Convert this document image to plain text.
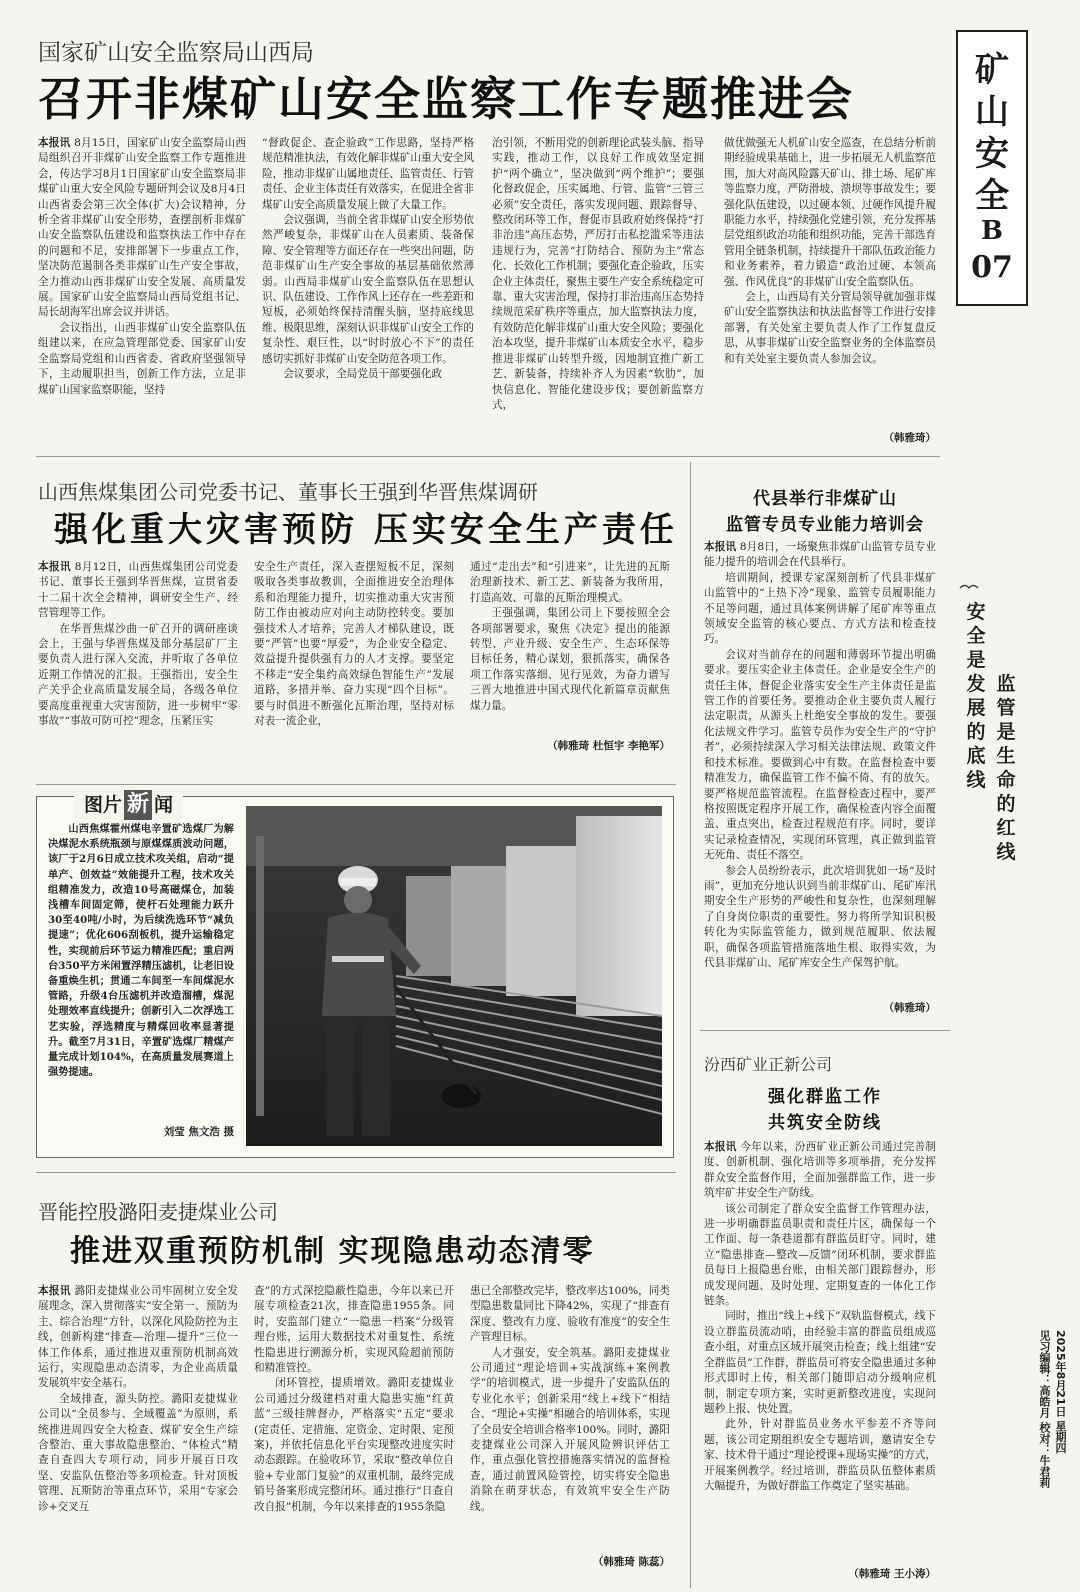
国家矿山安全监察局山西局
召开非煤矿山安全监察工作专题推进会

本报讯 8月15日，国家矿山安全监察局山西局组织召开非煤矿山安全监察工作专题推进会，传达学习8月1日国家矿山安全监察局非煤矿山重大安全风险专题研判会议及8月4日山西省委会第三次全体(扩大)会议精神，分析全省非煤矿山安全形势，查摆剖析非煤矿山安全监察队伍建设和监察执法工作中存在的问题和不足，安排部署下一步重点工作，坚决防范遏制各类非煤矿山生产安全事故，全力推动山西非煤矿山安全发展、高质量发展。国家矿山安全监察局山西局党组书记、局长胡海军出席会议并讲话。

会议指出，山西非煤矿山安全监察队伍组建以来，在应急管理部党委、国家矿山安全监察局党组和山西省委、省政府坚强领导下，主动履职担当，创新工作方法，立足非煤矿山国家监察职能，坚持

“督政促企、查企验政”工作思路，坚持严格规范精准执法，有效化解非煤矿山重大安全风险，推动非煤矿山属地责任、监管责任、行管责任、企业主体责任有效落实，在促进全省非煤矿山安全高质量发展上做了大量工作。

会议强调，当前全省非煤矿山安全形势依然严峻复杂，非煤矿山在人员素质、装备保障、安全管理等方面还存在一些突出问题，防范非煤矿山生产安全事故的基层基础依然薄弱。山西局非煤矿山安全监察队伍在思想认识、队伍建设、工作作风上还存在一些差距和短板，必须始终保持清醒头脑，坚持底线思维、极限思维，深刻认识非煤矿山安全工作的复杂性、艰巨性，以“时时放心不下”的责任感切实抓好非煤矿山安全防范各项工作。

会议要求，全局党员干部要强化政

治引领，不断用党的创新理论武装头脑、指导实践，推动工作，以良好工作成效坚定拥护“两个确立”，坚决做到“两个维护”；要强化督政促企，压实属地、行管、监管“三管三必须”安全责任，落实发现问题、跟踪督导、整改闭环等工作，督促市县政府始终保持“打非治违”高压态势，严厉打击私挖滥采等违法违规行为，完善“打防结合、预防为主”常态化、长效化工作机制；要强化查企验政，压实企业主体责任，聚焦主要生产安全系统稳定可靠、重大灾害治理，保持打非治违高压态势持续规范采矿秩序等重点，加大监察执法力度，有效防范化解非煤矿山重大安全风险；要强化治本攻坚，提升非煤矿山本质安全水平，稳步推进非煤矿山转型升级，因地制宜推广新工艺、新装备，持续补齐人为因素“软肋”，加快信息化、智能化建设步伐；要创新监察方式，

做优做强无人机矿山安全巡查，在总结分析前期经验成果基础上，进一步拓展无人机监察范围，加大对高风险露天矿山、排土场、尾矿库等监察力度，严防滑坡、溃坝等事故发生；要强化队伍建设，以过硬本领、过硬作风提升履职能力水平，持续强化党建引领，充分发挥基层党组织政治功能和组织功能，完善干部选育管用全链条机制，持续提升干部队伍政治能力和业务素养，着力锻造“政治过硬、本领高强、作风优良”的非煤矿山安全监察队伍。

会上，山西局有关分管局领导就加强非煤矿山安全监察执法和执法监督等工作进行安排部署，有关处室主要负责人作了工作复盘反思，从事非煤矿山安全监察业务的全体监察员和有关处室主要负责人参加会议。

（韩雅琦）
矿
山
安
全
B
07
山西焦煤集团公司党委书记、董事长王强到华晋焦煤调研
强化重大灾害预防 压实安全生产责任

本报讯 8月12日，山西焦煤集团公司党委书记、董事长王强到华晋焦煤，宣贯省委十二届十次全会精神，调研安全生产、经营管理等工作。

在华晋焦煤沙曲一矿召开的调研座谈会上，王强与华晋焦煤及部分基层矿厂主要负责人进行深入交流，并听取了各单位近期工作情况的汇报。王强指出，安全生产关乎企业高质量发展全局，各级各单位要高度重视重大灾害预防，进一步树牢“零事故”“事故可防可控”理念，压紧压实

安全生产责任，深入查摆短板不足，深刻吸取各类事故教训，全面推进安全治理体系和治理能力提升，切实推动重大灾害预防工作由被动应对向主动防控转变。要加强技术人才培养，完善人才梯队建设，既要“严管”也要“厚爱”，为企业安全稳定、效益提升提供强有力的人才支撑。要坚定不移走“安全集约高效绿色智能生产”发展道路，多措并举、奋力实现“四个目标”。要与时俱进不断强化瓦斯治理，坚持对标对表一流企业，

通过“走出去”和“引进来”，让先进的瓦斯治理新技术、新工艺、新装备为我所用，打造高效、可靠的瓦斯治理模式。

王强强调，集团公司上下要按照全会各项部署要求，聚焦《决定》提出的能源转型、产业升级、安全生产、生态环保等目标任务，精心谋划，狠抓落实，确保各项工作落实落细、见行见效，为奋力谱写三晋大地推进中国式现代化新篇章贡献焦煤力量。

（韩雅琦 杜恒宇 李艳军）
代县举行非煤矿山
监管专员专业能力培训会

本报讯 8月8日，一场聚焦非煤矿山监管专员专业能力提升的培训会在代县举行。

培训期间，授课专家深刻剖析了代县非煤矿山监管中的“上热下冷”现象、监管专员履职能力不足等问题，通过具体案例讲解了尾矿库等重点领域安全监管的核心要点、方式方法和检查技巧。

会议对当前存在的问题和薄弱环节提出明确要求。要压实企业主体责任。企业是安全生产的责任主体，督促企业落实安全生产主体责任是监管工作的首要任务。要推动企业主要负责人履行法定职责，从源头上杜绝安全事故的发生。要强化法规文件学习。监管专员作为安全生产的“守护者”，必须持续深入学习相关法律法规、政策文件和技术标准。要做到心中有数。在监督检查中要精准发力，确保监管工作不偏不倚、有的放矢。要严格规范监管流程。在监督检查过程中，要严格按照既定程序开展工作，确保检查内容全面覆盖、重点突出，检查过程规范有序。同时，要详实记录检查情况，实现闭环管理，真正做到监管无死角、责任不落空。

参会人员纷纷表示，此次培训犹如一场“及时雨”，更加充分地认识到当前非煤矿山、尾矿库汛期安全生产形势的严峻性和复杂性，也深刻理解了自身岗位职责的重要性。努力将所学知识积极转化为实际监管能力，做到规范履职、依法履职，确保各项监管措施落地生根、取得实效，为代县非煤矿山、尾矿库安全生产保驾护航。

（韩雅琦）
安
全
是
发
展
的
底
线
监
管
是
生
命
的
红
线
图片 新 闻

山西焦煤霍州煤电辛置矿选煤厂为解决煤泥水系统瓶颈与原煤煤质波动问题，该厂于2月6日成立技术攻关组，启动“提单产、创效益”效能提升工程，技术攻关组精准发力，改造10号高磁煤仓，加装浅槽车间固定筛，使杆石处理能力跃升30至40吨/小时，为后续洗选环节“减负提速”；优化606刮板机，提升运输稳定性，实现前后环节运力精准匹配；重启两台350平方米闲置浮精压滤机，让老旧设备重焕生机；贯通二车间至一车间煤泥水管路，升级4台压滤机并改造溜槽，煤泥处理效率直线提升；创新引入二次浮选工艺实验，浮选精度与精煤回收率显著提升。截至7月31日，辛置矿选煤厂精煤产量完成计划104%，在高质量发展赛道上强势提速。

刘莹 焦文浩 摄
汾西矿业正新公司
强化群监工作
共筑安全防线

本报讯 今年以来，汾西矿业正新公司通过完善制度、创新机制、强化培训等多项举措，充分发挥群众安全监督作用，全面加强群监工作，进一步筑牢矿井安全生产防线。

该公司制定了群众安全监督工作管理办法，进一步明确群监员职责和责任片区，确保每一个工作面、每一条巷道都有群监员盯守。同时，建立“隐患排查—整改—反馈”闭环机制，要求群监员每日上报隐患台账，由相关部门跟踪督办，形成发现问题、及时处理、定期复查的一体化工作链条。

同时，推出“线上+线下”双轨监督模式，线下设立群监员流动哨，由经验丰富的群监员组成巡查小组，对重点区域开展突击检查；线上组建“安全群监员”工作群，群监员可将安全隐患通过多种形式即时上传，相关部门随即启动分级响应机制，制定专项方案，实时更新整改进度，实现问题秒上报、快处置。

此外，针对群监员业务水平参差不齐等问题，该公司定期组织安全专题培训，邀请安全专家、技术骨干通过“理论授课+现场实操”的方式，开展案例教学。经过培训，群监员队伍整体素质大幅提升，为做好群监工作奠定了坚实基础。

（韩雅琦 王小涛）
晋能控股潞阳麦捷煤业公司
推进双重预防机制 实现隐患动态清零

本报讯 潞阳麦捷煤业公司牢固树立安全发展理念，深入贯彻落实“安全第一、预防为主、综合治理”方针，以深化风险防控为主线，创新构建“排查—治理—提升”三位一体工作体系，通过推进双重预防机制高效运行，实现隐患动态清零，为企业高质量发展筑牢安全基石。

全域排查，源头防控。潞阳麦捷煤业公司以“全员参与、全域覆盖”为原则，系统推进周四安全大检查、煤矿安全生产综合整治、重大事故隐患整治、“体检式”精查自查四大专项行动，同步开展百日攻坚、安监队伍整治等多项检查。针对顶板管理、瓦斯防治等重点环节，采用“专家会诊+交叉互

查”的方式深挖隐蔽性隐患，今年以来已开展专项检查21次，排查隐患1955条。同时，安监部门建立“一隐患一档案”分级管理台账，运用大数据技术对重复性、系统性隐患进行溯源分析，实现风险超前预防和精准管控。

闭环管控，提质增效。潞阳麦捷煤业公司通过分级建档对重大隐患实施“红黄蓝”三级挂牌督办，严格落实“五定”要求(定责任、定措施、定资金、定时限、定预案)，并依托信息化平台实现整改进度实时动态跟踪。在验收环节，采取“整改单位自验+专业部门复验”的双重机制，最终完成销号备案形成完整闭环。通过推行“日查自改自报”机制，今年以来排查的1955条隐

患已全部整改完毕，整改率达100%，同类型隐患数量同比下降42%，实现了“排查有深度、整改有力度、验收有准度”的安全生产管理目标。

人才强安，安全筑基。潞阳麦捷煤业公司通过“理论培训+实战演练+案例教学”的培训模式，进一步提升了安监队伍的专业化水平；创新采用“线上+线下”相结合、“理论+实操”相融合的培训体系，实现了全员安全培训合格率100%。同时，潞阳麦捷煤业公司深入开展风险辨识评估工作，重点强化管控措施落实情况的监督检查，通过前置风险管控，切实将安全隐患消除在萌芽状态，有效筑牢安全生产防线。

（韩雅琦 陈蕊）
2025年8月21日 星期四
见习编辑：高皓月 校对：牛君莉
